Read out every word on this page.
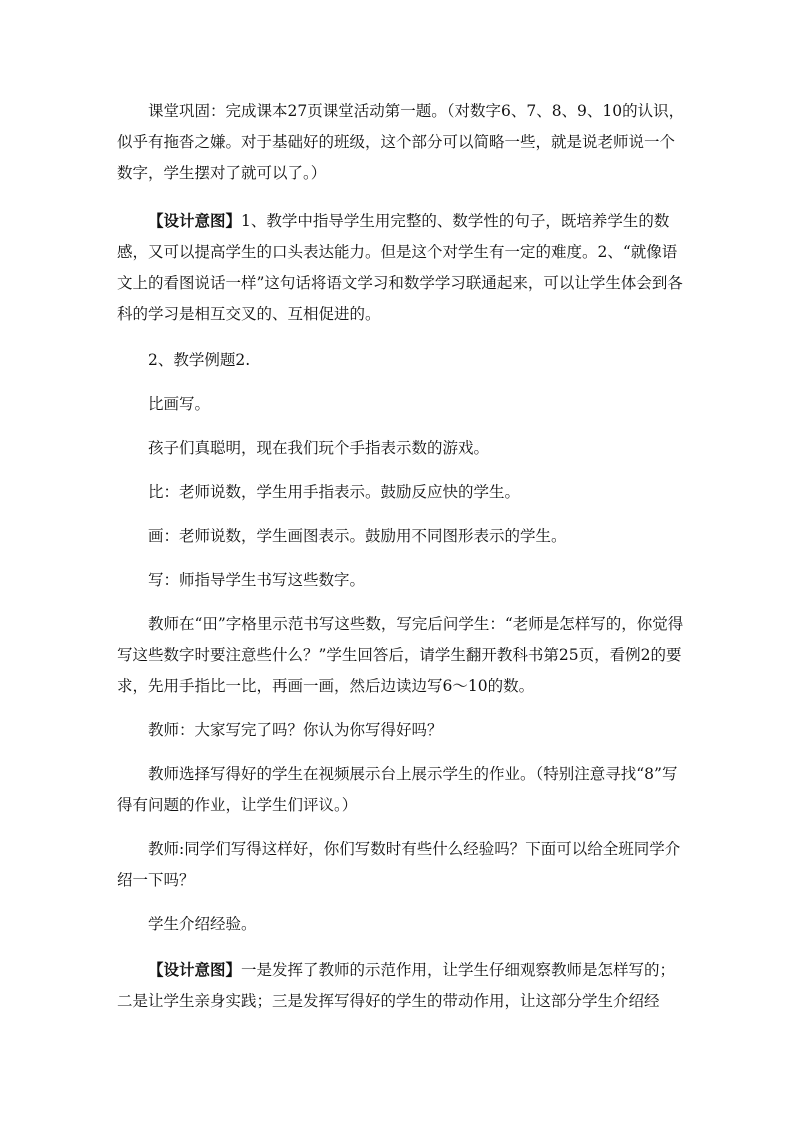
课堂巩固：完成课本27页课堂活动第一题。（对数字6、7、8、9、10的认识，似乎有拖沓之嫌。对于基础好的班级，这个部分可以简略一些，就是说老师说一个数字，学生摆对了就可以了。）

【设计意图】1、教学中指导学生用完整的、数学性的句子，既培养学生的数感，又可以提高学生的口头表达能力。但是这个对学生有一定的难度。2、“就像语文上的看图说话一样”这句话将语文学习和数学学习联通起来，可以让学生体会到各科的学习是相互交叉的、互相促进的。

2、教学例题2.

比画写。

孩子们真聪明，现在我们玩个手指表示数的游戏。

比：老师说数，学生用手指表示。鼓励反应快的学生。

画：老师说数，学生画图表示。鼓励用不同图形表示的学生。

写：师指导学生书写这些数字。

教师在“田”字格里示范书写这些数，写完后问学生：“老师是怎样写的，你觉得写这些数字时要注意些什么？”学生回答后，请学生翻开教科书第25页，看例2的要求，先用手指比一比，再画一画，然后边读边写6～10的数。

教师：大家写完了吗？你认为你写得好吗？

教师选择写得好的学生在视频展示台上展示学生的作业。（特别注意寻找“8”写得有问题的作业，让学生们评议。）

教师:同学们写得这样好，你们写数时有些什么经验吗？下面可以给全班同学介绍一下吗？

学生介绍经验。

【设计意图】一是发挥了教师的示范作用，让学生仔细观察教师是怎样写的；二是让学生亲身实践；三是发挥写得好的学生的带动作用，让这部分学生介绍经
